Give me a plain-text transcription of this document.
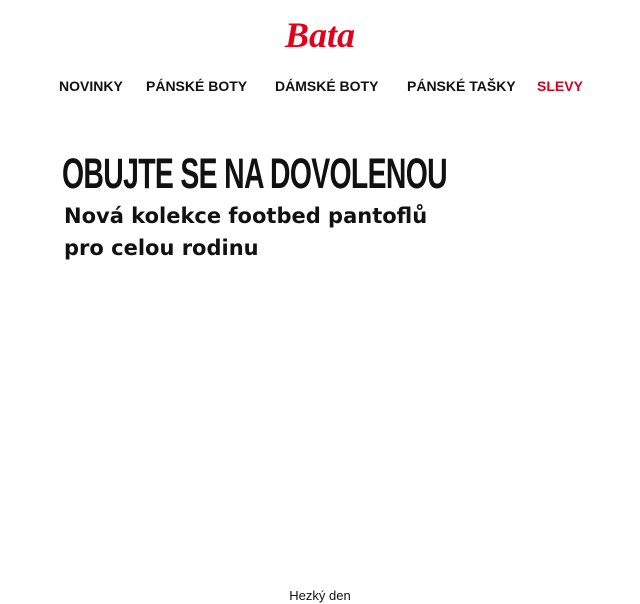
Bata
NOVINKY PÁNSKÉ BOTY DÁMSKÉ BOTY PÁNSKÉ TAŠKY SLEVY
OBUJTE SE NA DOVOLENOU
Nová kolekce footbed pantoflů
pro celou rodinu
Hezký den
